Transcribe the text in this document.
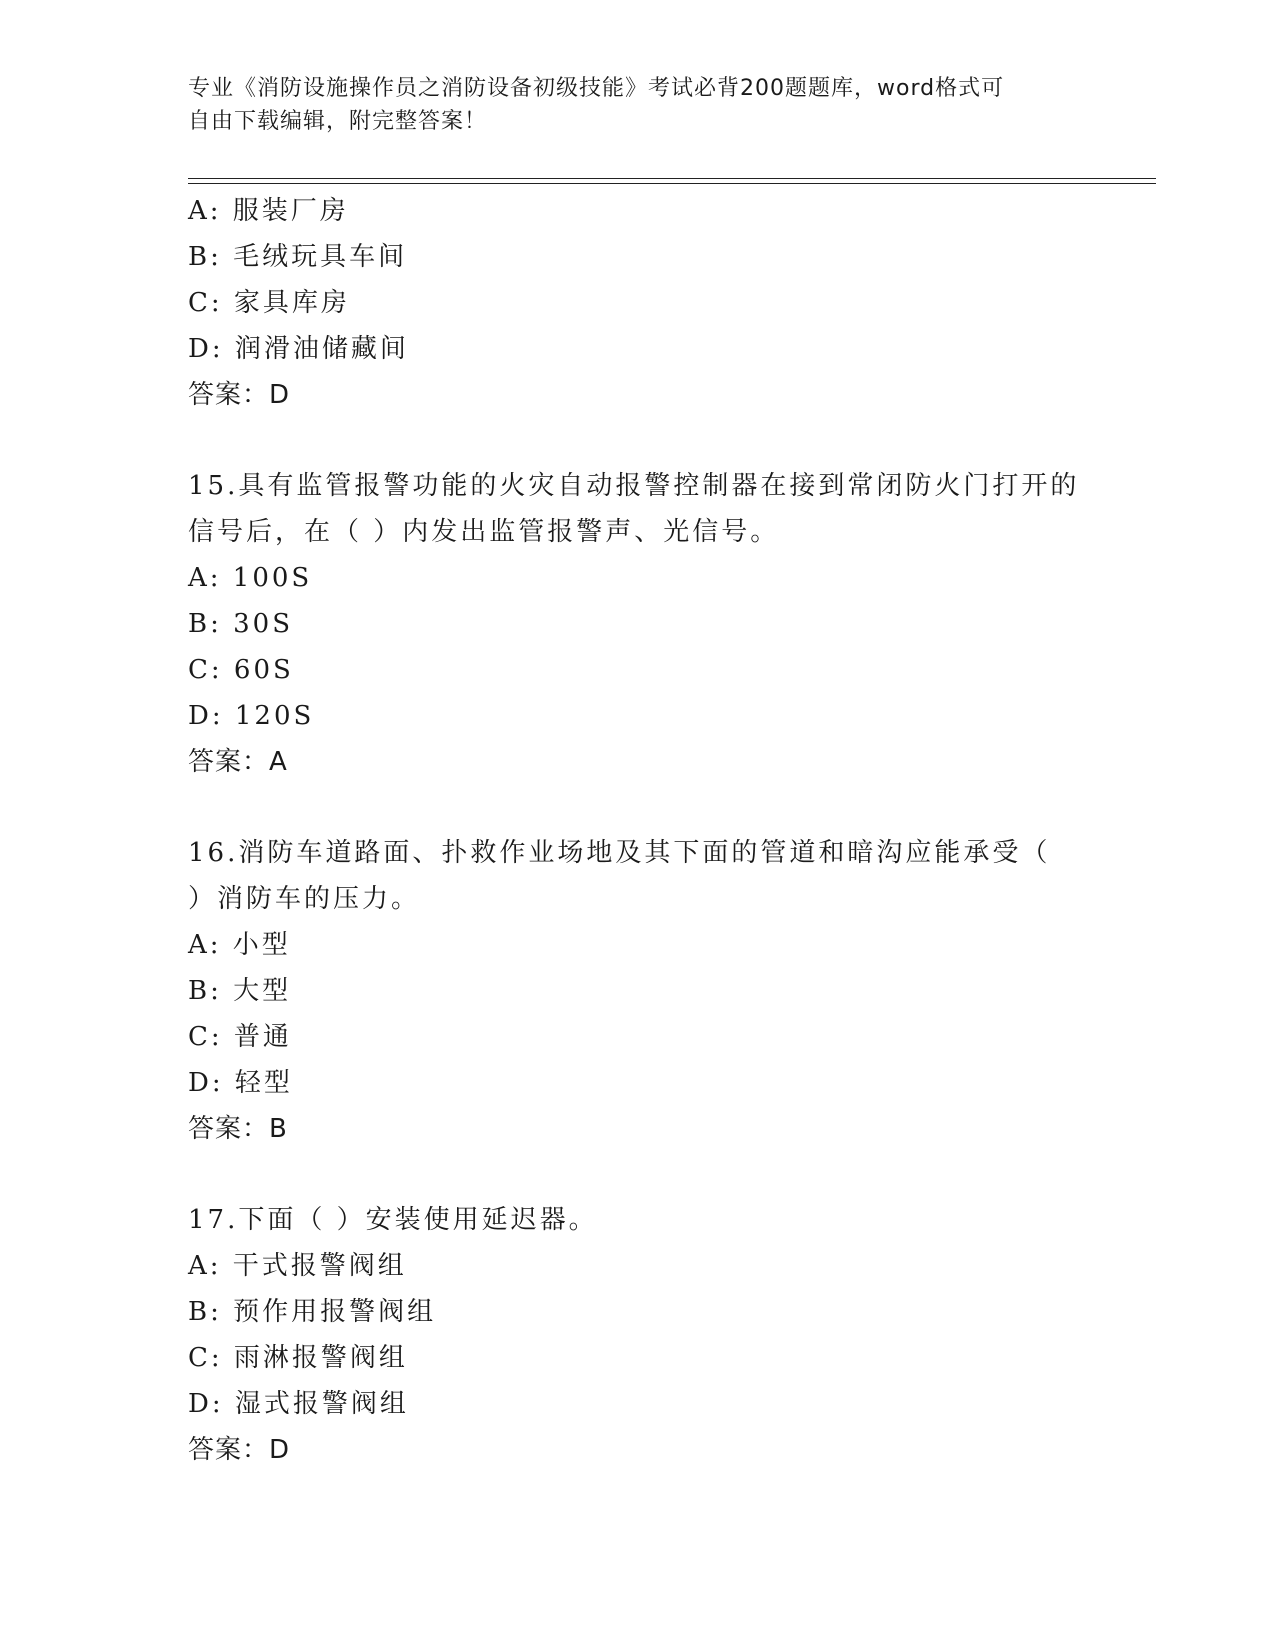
专业《消防设施操作员之消防设备初级技能》考试必背200题题库，word格式可
自由下载编辑，附完整答案！
A: 服装厂房
B: 毛绒玩具车间
C: 家具库房
D: 润滑油储藏间
答案：D
15.具有监管报警功能的火灾自动报警控制器在接到常闭防火门打开的
信号后，在（ ）内发出监管报警声、光信号。
A: 100S
B: 30S
C: 60S
D: 120S
答案：A
16.消防车道路面、扑救作业场地及其下面的管道和暗沟应能承受（
）消防车的压力。
A: 小型
B: 大型
C: 普通
D: 轻型
答案：B
17.下面（ ）安装使用延迟器。
A: 干式报警阀组
B: 预作用报警阀组
C: 雨淋报警阀组
D: 湿式报警阀组
答案：D
